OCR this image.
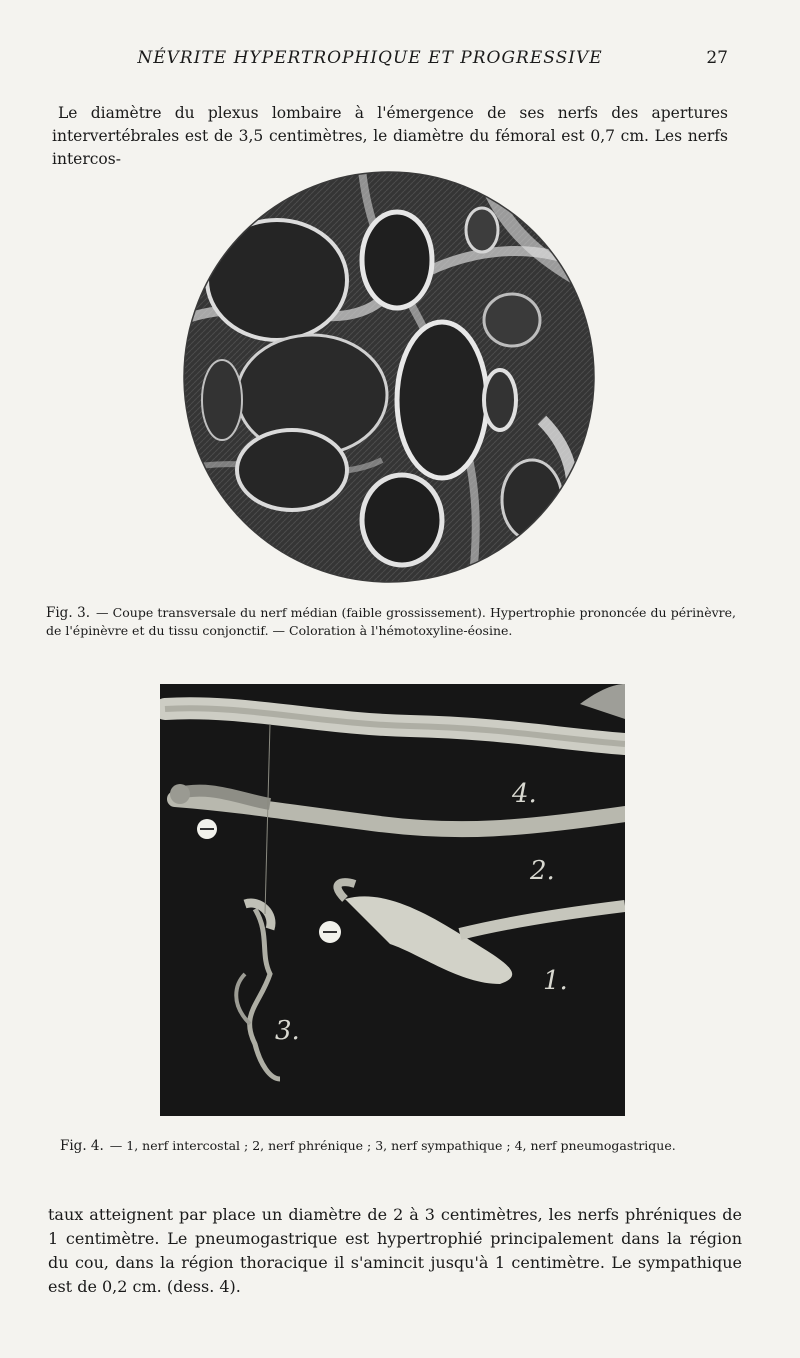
NÉVRITE HYPERTROPHIQUE ET PROGRESSIVE	27

Le diamètre du plexus lombaire à l'émergence de ses nerfs des apertures intervertébrales est de 3,5 centimètres, le diamètre du fémoral est 0,7 cm. Les nerfs intercos-

Fig. 3. — Coupe transversale du nerf médian (faible grossissement). Hypertrophie prononcée du périnèvre, de l'épinèvre et du tissu conjonctif. — Coloration à l'hémotoxyline-éosine.
4.
2.
1.
3.
Fig. 4. — 1, nerf intercostal ; 2, nerf phrénique ; 3, nerf sympathique ; 4, nerf pneumogastrique.

taux atteignent par place un diamètre de 2 à 3 centimètres, les nerfs phréniques de 1 centimètre. Le pneumogastrique est hypertrophié principalement dans la région du cou, dans la région thoracique il s'amincit jusqu'à 1 centimètre. Le sympathique est de 0,2 cm. (dess. 4).
